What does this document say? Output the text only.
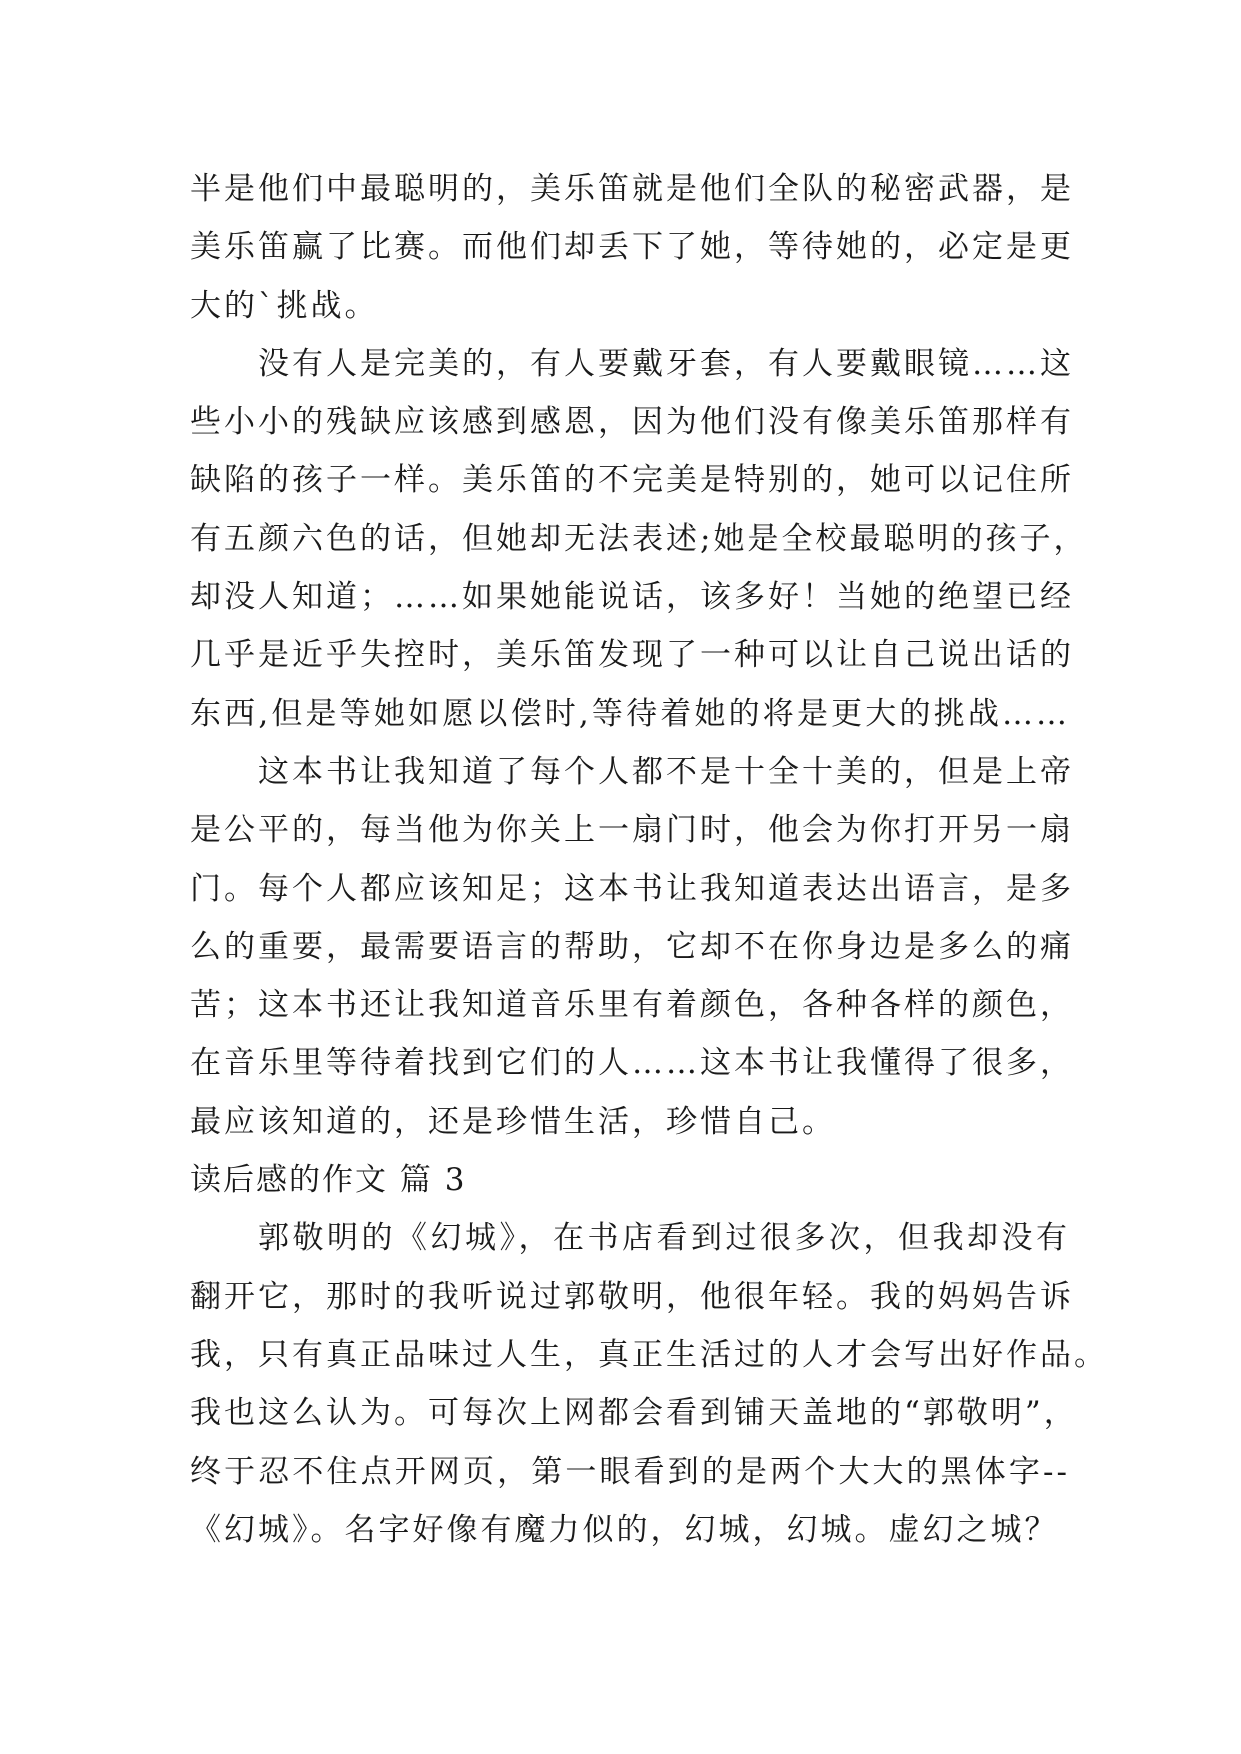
半是他们中最聪明的，美乐笛就是他们全队的秘密武器，是
美乐笛赢了比赛。而他们却丢下了她，等待她的，必定是更
大的`挑战。
没有人是完美的，有人要戴牙套，有人要戴眼镜……这
些小小的残缺应该感到感恩，因为他们没有像美乐笛那样有
缺陷的孩子一样。美乐笛的不完美是特别的，她可以记住所
有五颜六色的话，但她却无法表述;她是全校最聪明的孩子，
却没人知道；……如果她能说话，该多好！当她的绝望已经
几乎是近乎失控时，美乐笛发现了一种可以让自己说出话的
东西,但是等她如愿以偿时,等待着她的将是更大的挑战……
这本书让我知道了每个人都不是十全十美的，但是上帝
是公平的，每当他为你关上一扇门时，他会为你打开另一扇
门。每个人都应该知足；这本书让我知道表达出语言，是多
么的重要，最需要语言的帮助，它却不在你身边是多么的痛
苦；这本书还让我知道音乐里有着颜色，各种各样的颜色，
在音乐里等待着找到它们的人……这本书让我懂得了很多，
最应该知道的，还是珍惜生活，珍惜自己。
读后感的作文 篇 3
郭敬明的《幻城》，在书店看到过很多次，但我却没有
翻开它，那时的我听说过郭敬明，他很年轻。我的妈妈告诉
我，只有真正品味过人生，真正生活过的人才会写出好作品。
我也这么认为。可每次上网都会看到铺天盖地的“郭敬明”，
终于忍不住点开网页，第一眼看到的是两个大大的黑体字--
《幻城》。名字好像有魔力似的，幻城，幻城。虚幻之城？
